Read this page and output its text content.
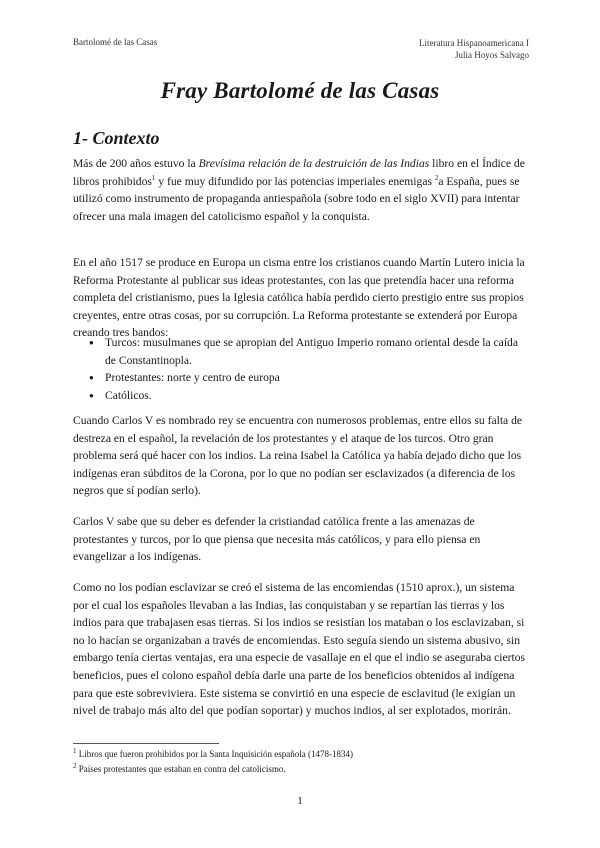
Bartolomé de las Casas	Literatura Hispanoamericana I
Julia Hoyos Salvago
Fray Bartolomé de las Casas
1- Contexto

Más de 200 años estuvo la Brevísima relación de la destruición de las Indias libro en el Índice de libros prohibidos$^1$ y fue muy difundido por las potencias imperiales enemigas $^2$a España, pues se utilizó como instrumento de propaganda antiespañola (sobre todo en el siglo XVII) para intentar ofrecer una mala imagen del catolicismo español y la conquista.

En el año 1517 se produce en Europa un cisma entre los cristianos cuando Martín Lutero inicia la Reforma Protestante al publicar sus ideas protestantes, con las que pretendía hacer una reforma completa del cristianismo, pues la Iglesia católica había perdido cierto prestigio entre sus propios creyentes, entre otras cosas, por su corrupción. La Reforma protestante se extenderá por Europa creando tres bandos:

● Turcos: musulmanes que se apropian del Antiguo Imperio romano oriental desde la caída de Constantinopla.
● Protestantes: norte y centro de europa
● Católicos.

Cuando Carlos V es nombrado rey se encuentra con numerosos problemas, entre ellos su falta de destreza en el español, la revelación de los protestantes y el ataque de los turcos. Otro gran problema será qué hacer con los indios. La reina Isabel la Católica ya había dejado dicho que los indígenas eran súbditos de la Corona, por lo que no podían ser esclavizados (a diferencia de los negros que sí podían serlo).

Carlos V sabe que su deber es defender la cristiandad católica frente a las amenazas de protestantes y turcos, por lo que piensa que necesita más católicos, y para ello piensa en evangelizar a los indígenas.

Como no los podían esclavizar se creó el sistema de las encomiendas (1510 aprox.), un sistema por el cual los españoles llevaban a las Indias, las conquistaban y se repartían las tierras y los indios para que trabajasen esas tierras. Si los indios se resistían los mataban o los esclavizaban, si no lo hacían se organizaban a través de encomiendas. Esto seguía siendo un sistema abusivo, sin embargo tenía ciertas ventajas, era una especie de vasallaje en el que el indio se aseguraba ciertos beneficios, pues el colono español debía darle una parte de los beneficios obtenidos al indígena para que este sobreviviera. Este sistema se convirtió en una especie de esclavitud (le exigían un nivel de trabajo más alto del que podían soportar) y muchos indios, al ser explotados, morirán.

$^1$ Libros que fueron prohibidos por la Santa Inquisición española (1478-1834)
$^2$ Países protestantes que estaban en contra del catolicismo.
1
